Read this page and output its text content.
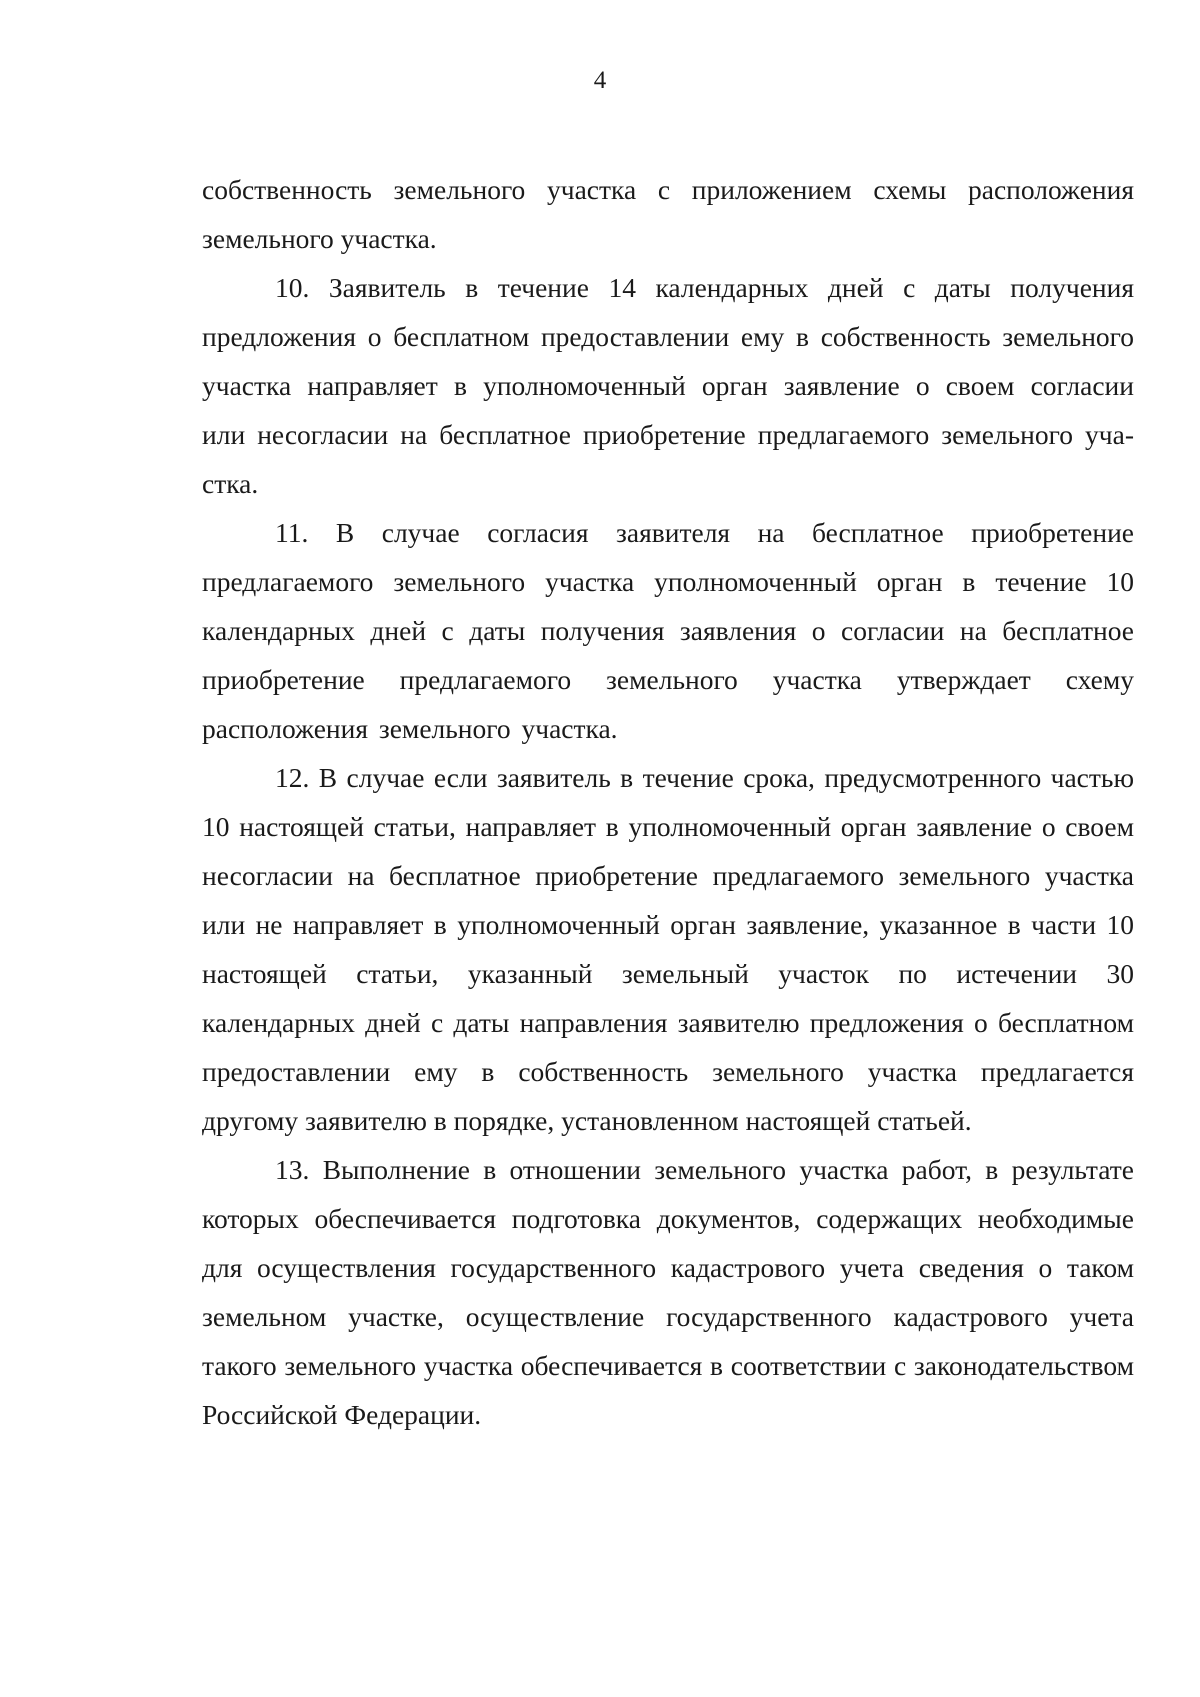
4

собственность земельного участка с приложением схемы расположения земельного участка.

10. Заявитель в течение 14 календарных дней с даты получения предложения о бесплатном предоставлении ему в собственность земельного участка направляет в уполномоченный орган заявление о своем согласии или несогласии на бесплатное приобретение предлагаемого земельного участка.

11. В случае согласия заявителя на бесплатное приобретение предлагаемого земельного участка уполномоченный орган в течение 10 календарных дней с даты получения заявления о согласии на бесплатное приобретение предлагаемого земельного участка утверждает схему расположения земельного участка.

12. В случае если заявитель в течение срока, предусмотренного частью 10 настоящей статьи, направляет в уполномоченный орган заявление о своем несогласии на бесплатное приобретение предлагаемого земельного участка или не направляет в уполномоченный орган заявление, указанное в части 10 настоящей статьи, указанный земельный участок по истечении 30 календарных дней с даты направления заявителю предложения о бесплатном предоставлении ему в собственность земельного участка предлагается другому заявителю в порядке, установленном настоящей статьей.

13. Выполнение в отношении земельного участка работ, в результате которых обеспечивается подготовка документов, содержащих необходимые для осуществления государственного кадастрового учета сведения о таком земельном участке, осуществление государственного кадастрового учета такого земельного участка обеспечивается в соответствии с законодательством Российской Федерации.
